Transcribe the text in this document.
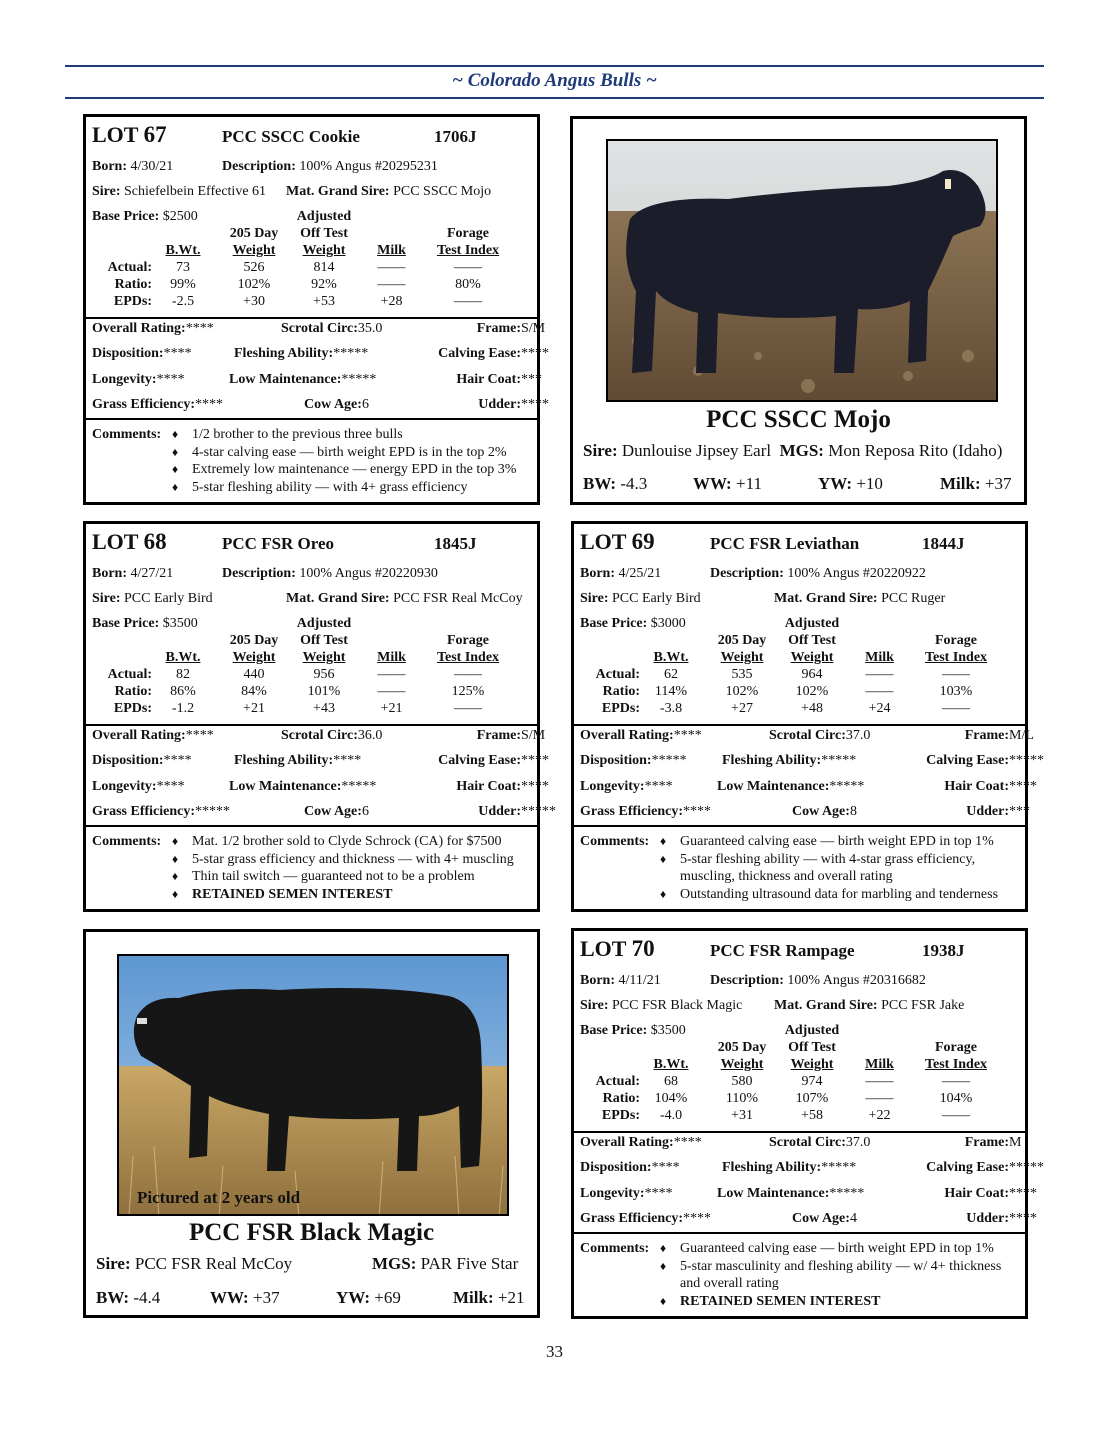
~ Colorado Angus Bulls ~
PCC SSCC Mojo
Sire: Dunlouise Jipsey Earl MGS: Mon Reposa Rito (Idaho)
BW: -4.3	WW: +11	YW: +10	Milk: +37
Pictured at 2 years old
PCC FSR Black Magic
Sire: PCC FSR Real McCoy	MGS: PAR Five Star
BW: -4.4	WW: +37	YW: +69	Milk: +21
LOT 67	PCC SSCC Cookie	1706J
Born: 4/30/21	Description: 100% Angus #20295231
Sire: Schiefelbein Effective 61 Mat. Grand Sire: PCC SSCC Mojo
Base Price: $2500	Adjusted
205 Day	Off Test	Forage
B.Wt.	Weight	Weight	Milk	Test Index
Actual:	73	526	814	——	——
Ratio:	99%	102%	92%	——	80%
EPDs:	-2.5	+30	+53	+28	——
Overall Rating: ****	Scrotal Circ: 35.0	Frame: S/M
Disposition: ****	Fleshing Ability: *****	Calving Ease: ****
Longevity: ****	Low Maintenance: *****	Hair Coat: ***
Grass Efficiency: ****	Cow Age: 6	Udder: ****
Comments:	♦ 1/2 brother to the previous three bulls
♦ 4-star calving ease — birth weight EPD is in the top 2%
♦ Extremely low maintenance — energy EPD in the top 3%
♦ 5-star fleshing ability — with 4+ grass efficiency
LOT 68	PCC FSR Oreo	1845J
Born: 4/27/21	Description: 100% Angus #20220930
Sire: PCC Early Bird	Mat. Grand Sire: PCC FSR Real McCoy
Base Price: $3500	Adjusted
205 Day	Off Test	Forage
B.Wt.	Weight	Weight	Milk	Test Index
Actual:	82	440	956	——	——
Ratio:	86%	84%	101%	——	125%
EPDs:	-1.2	+21	+43	+21	——
Overall Rating: ****	Scrotal Circ: 36.0	Frame: S/M
Disposition: ****	Fleshing Ability: ****	Calving Ease: ****
Longevity: ****	Low Maintenance: *****	Hair Coat: ****
Grass Efficiency: *****	Cow Age: 6	Udder: *****
Comments:	♦ Mat. 1/2 brother sold to Clyde Schrock (CA) for $7500
♦ 5-star grass efficiency and thickness — with 4+ muscling
♦ Thin tail switch — guaranteed not to be a problem
♦ RETAINED SEMEN INTEREST
LOT 69	PCC FSR Leviathan	1844J
Born: 4/25/21	Description: 100% Angus #20220922
Sire: PCC Early Bird	Mat. Grand Sire: PCC Ruger
Base Price: $3000	Adjusted
205 Day	Off Test	Forage
B.Wt.	Weight	Weight	Milk	Test Index
Actual:	62	535	964	——	——
Ratio:	114%	102%	102%	——	103%
EPDs:	-3.8	+27	+48	+24	——
Overall Rating: ****	Scrotal Circ: 37.0	Frame: M/L
Disposition: *****	Fleshing Ability: *****	Calving Ease: *****
Longevity: ****	Low Maintenance: *****	Hair Coat: ****
Grass Efficiency: ****	Cow Age: 8	Udder: ***
Comments:	♦ Guaranteed calving ease — birth weight EPD in top 1%
♦ 5-star fleshing ability — with 4-star grass efficiency, muscling, thickness and overall rating
♦ Outstanding ultrasound data for marbling and tenderness
LOT 70	PCC FSR Rampage	1938J
Born: 4/11/21	Description: 100% Angus #20316682
Sire: PCC FSR Black Magic Mat. Grand Sire: PCC FSR Jake
Base Price: $3500	Adjusted
205 Day	Off Test	Forage
B.Wt.	Weight	Weight	Milk	Test Index
Actual:	68	580	974	——	——
Ratio:	104%	110%	107%	——	104%
EPDs:	-4.0	+31	+58	+22	——
Overall Rating: ****	Scrotal Circ: 37.0	Frame: M
Disposition: ****	Fleshing Ability: *****	Calving Ease: *****
Longevity: ****	Low Maintenance: *****	Hair Coat: ****
Grass Efficiency: ****	Cow Age: 4	Udder: ****
Comments:	♦ Guaranteed calving ease — birth weight EPD in top 1%
♦ 5-star masculinity and fleshing ability — w/ 4+ thickness and overall rating
♦ RETAINED SEMEN INTEREST
33
